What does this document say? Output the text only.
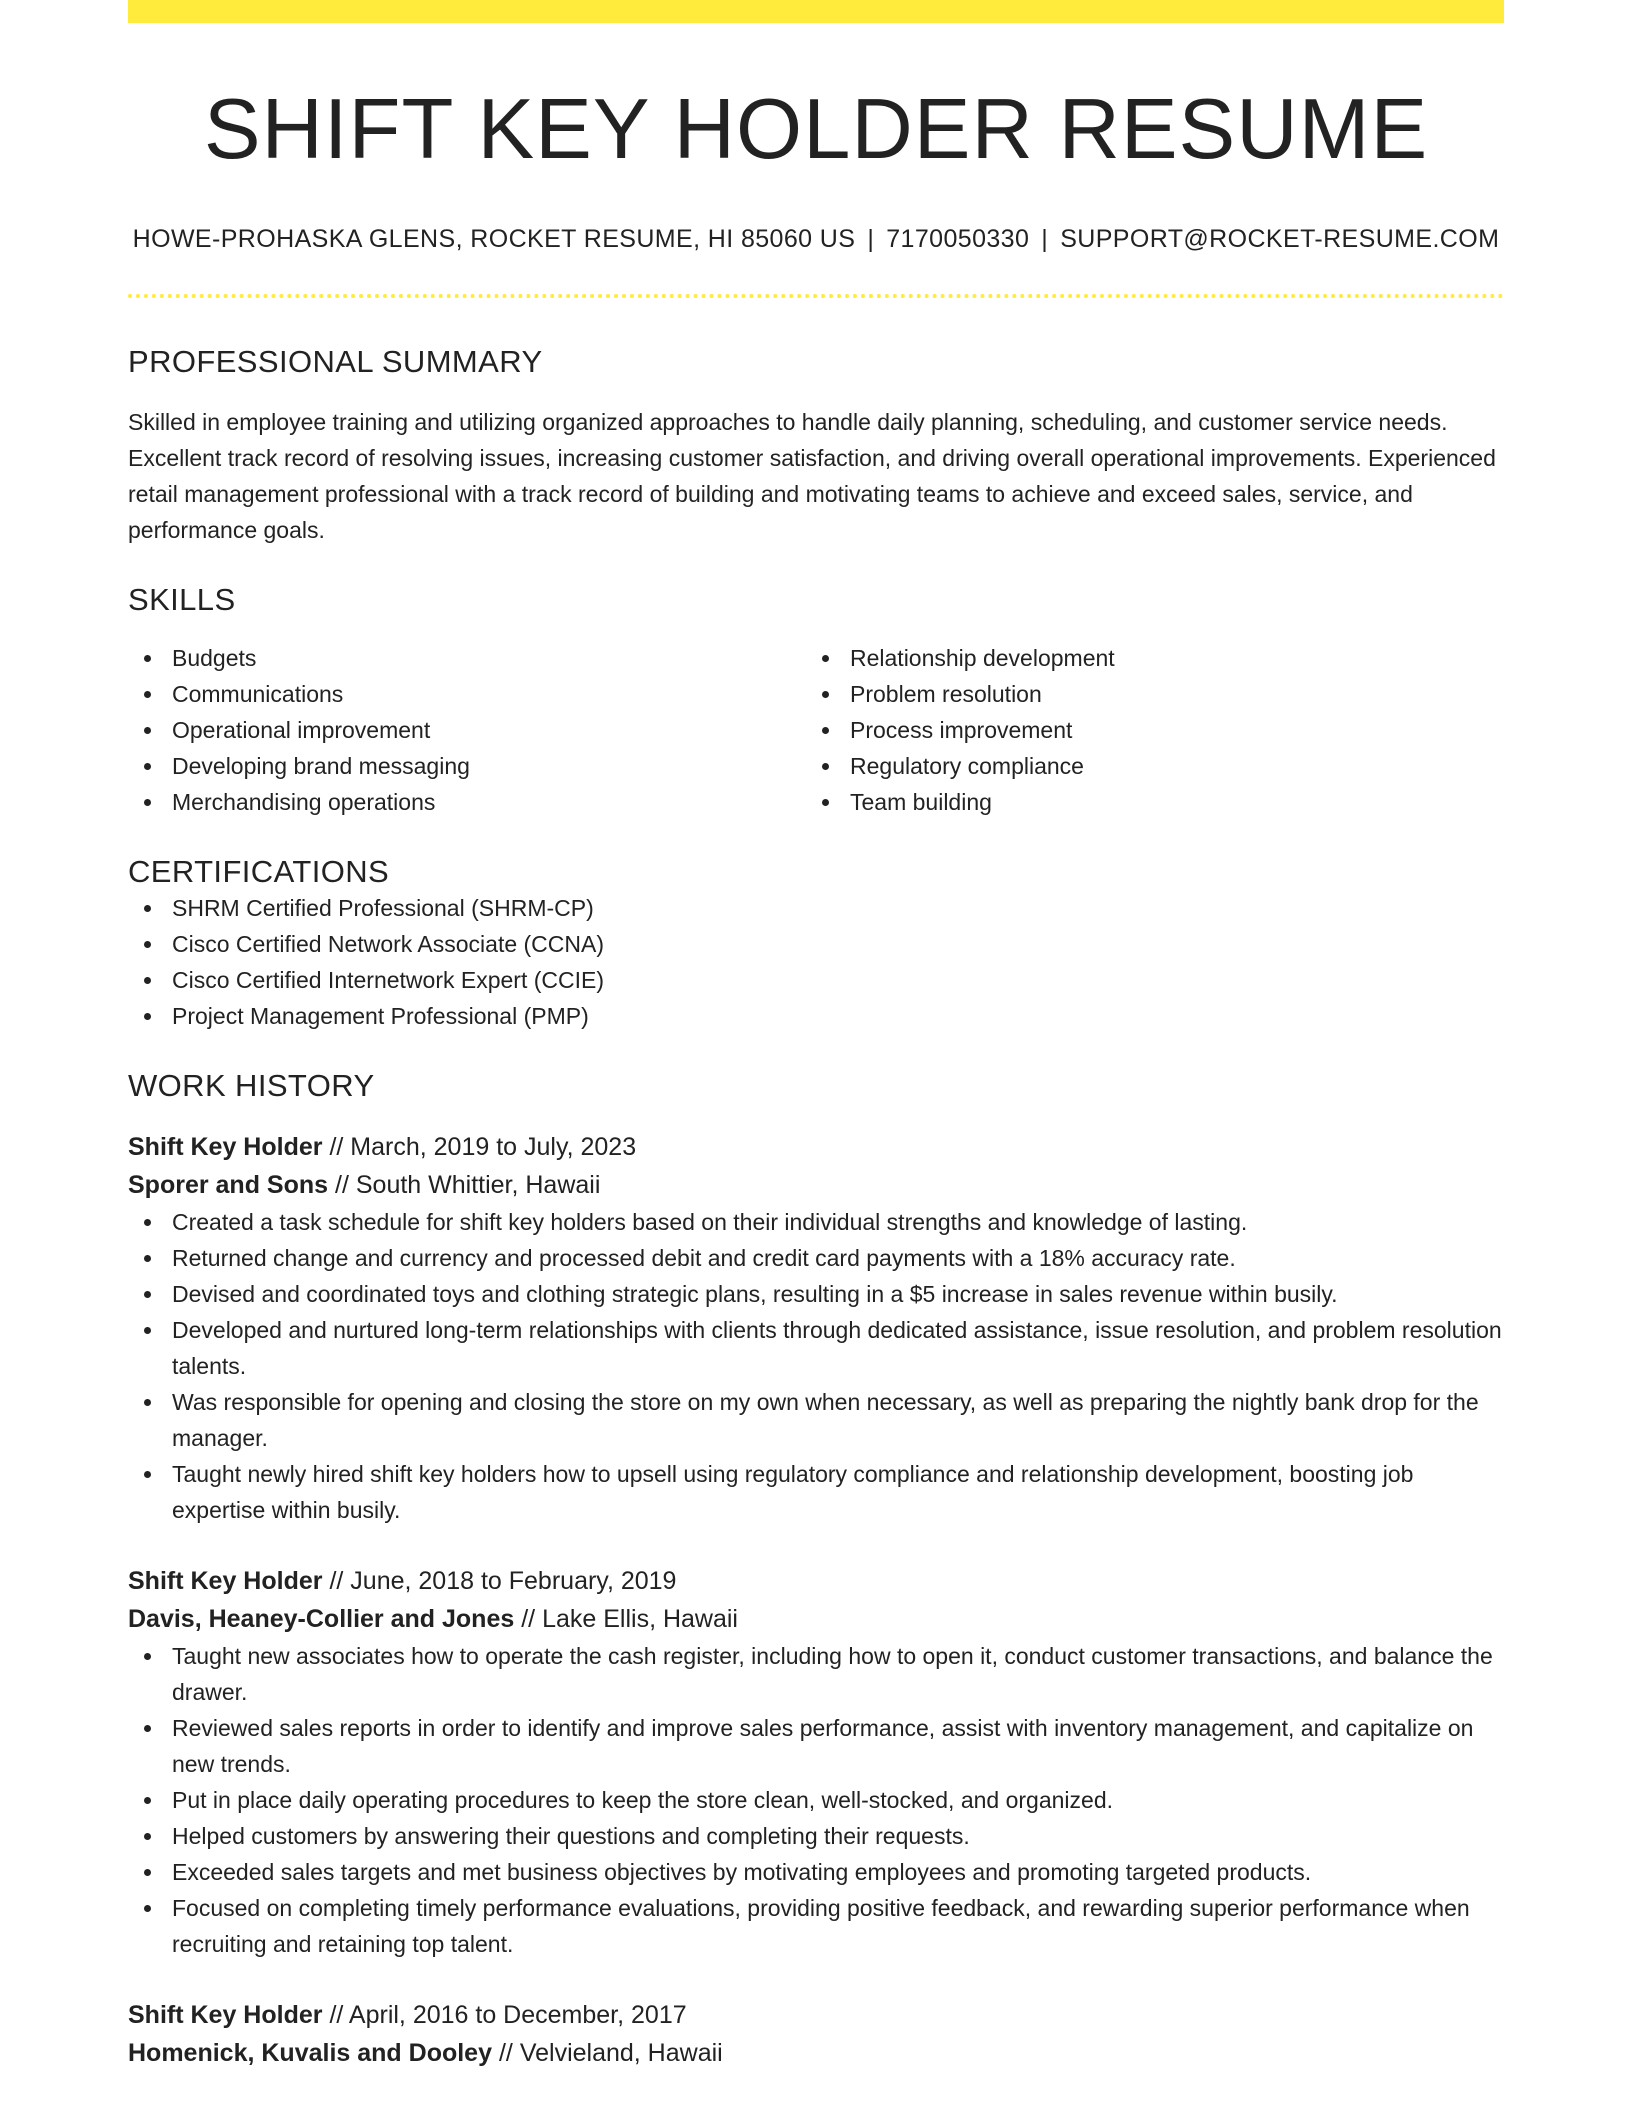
SHIFT KEY HOLDER RESUME
HOWE-PROHASKA GLENS, ROCKET RESUME, HI 85060 US | 7170050330 | SUPPORT@ROCKET-RESUME.COM
PROFESSIONAL SUMMARY

Skilled in employee training and utilizing organized approaches to handle daily planning, scheduling, and customer service needs. Excellent track record of resolving issues, increasing customer satisfaction, and driving overall operational improvements. Experienced retail management professional with a track record of building and motivating teams to achieve and exceed sales, service, and performance goals.

SKILLS
Budgets
Communications
Operational improvement
Developing brand messaging
Merchandising operations
Relationship development
Problem resolution
Process improvement
Regulatory compliance
Team building
CERTIFICATIONS
SHRM Certified Professional (SHRM-CP)
Cisco Certified Network Associate (CCNA)
Cisco Certified Internetwork Expert (CCIE)
Project Management Professional (PMP)
WORK HISTORY
Shift Key Holder // March, 2019 to July, 2023
Sporer and Sons // South Whittier, Hawaii
Created a task schedule for shift key holders based on their individual strengths and knowledge of lasting.
Returned change and currency and processed debit and credit card payments with a 18% accuracy rate.
Devised and coordinated toys and clothing strategic plans, resulting in a $5 increase in sales revenue within busily.
Developed and nurtured long-term relationships with clients through dedicated assistance, issue resolution, and problem resolution talents.
Was responsible for opening and closing the store on my own when necessary, as well as preparing the nightly bank drop for the manager.
Taught newly hired shift key holders how to upsell using regulatory compliance and relationship development, boosting job expertise within busily.
Shift Key Holder // June, 2018 to February, 2019
Davis, Heaney-Collier and Jones // Lake Ellis, Hawaii
Taught new associates how to operate the cash register, including how to open it, conduct customer transactions, and balance the drawer.
Reviewed sales reports in order to identify and improve sales performance, assist with inventory management, and capitalize on new trends.
Put in place daily operating procedures to keep the store clean, well-stocked, and organized.
Helped customers by answering their questions and completing their requests.
Exceeded sales targets and met business objectives by motivating employees and promoting targeted products.
Focused on completing timely performance evaluations, providing positive feedback, and rewarding superior performance when recruiting and retaining top talent.
Shift Key Holder // April, 2016 to December, 2017
Homenick, Kuvalis and Dooley // Velvieland, Hawaii
